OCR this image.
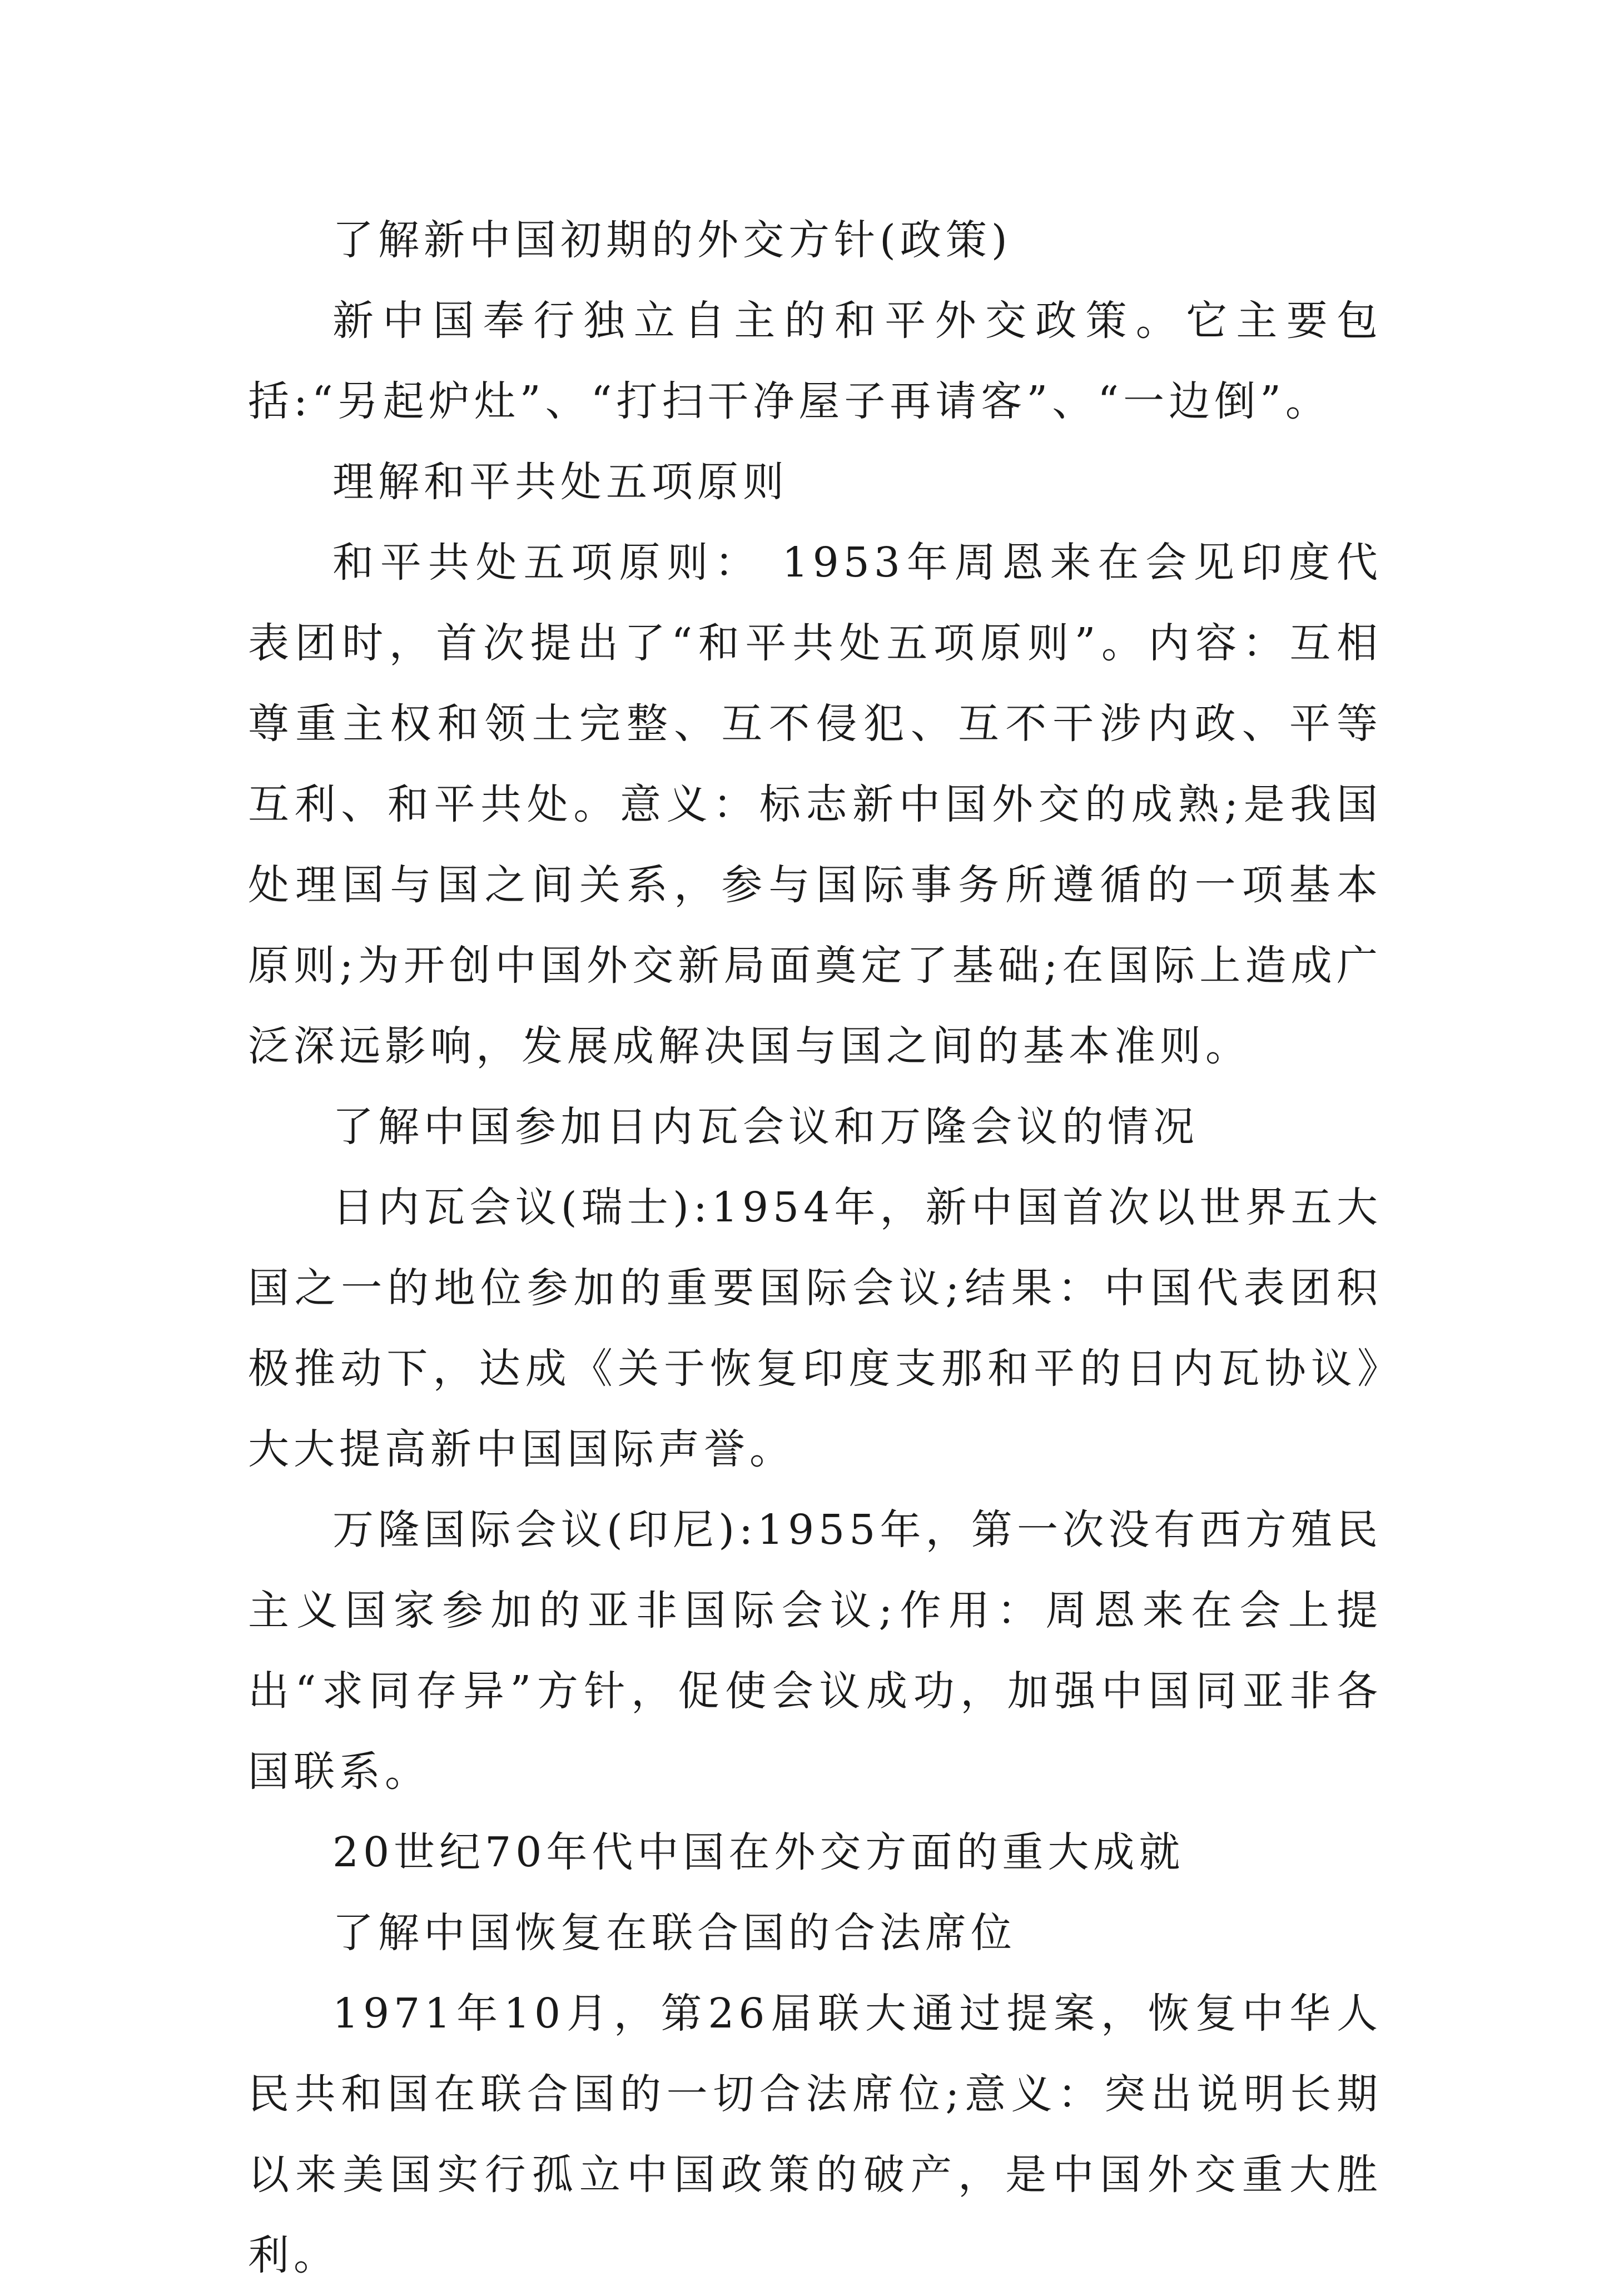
了解新中国初期的外交方针(政策)

新中国奉行独立自主的和平外交政策。它主要包括:“另起炉灶”、“打扫干净屋子再请客”、“一边倒”。

理解和平共处五项原则

和平共处五项原则： 1953年周恩来在会见印度代表团时，首次提出了“和平共处五项原则”。内容：互相尊重主权和领土完整、互不侵犯、互不干涉内政、平等互利、和平共处。意义：标志新中国外交的成熟;是我国处理国与国之间关系，参与国际事务所遵循的一项基本原则;为开创中国外交新局面奠定了基础;在国际上造成广泛深远影响，发展成解决国与国之间的基本准则。

了解中国参加日内瓦会议和万隆会议的情况

日内瓦会议(瑞士):1954年，新中国首次以世界五大国之一的地位参加的重要国际会议;结果：中国代表团积极推动下，达成《关于恢复印度支那和平的日内瓦协议》大大提高新中国国际声誉。

万隆国际会议(印尼):1955年，第一次没有西方殖民主义国家参加的亚非国际会议;作用：周恩来在会上提出“求同存异”方针，促使会议成功，加强中国同亚非各国联系。

20世纪70年代中国在外交方面的重大成就

了解中国恢复在联合国的合法席位

1971年10月，第26届联大通过提案，恢复中华人民共和国在联合国的一切合法席位;意义：突出说明长期以来美国实行孤立中国政策的破产，是中国外交重大胜利。
